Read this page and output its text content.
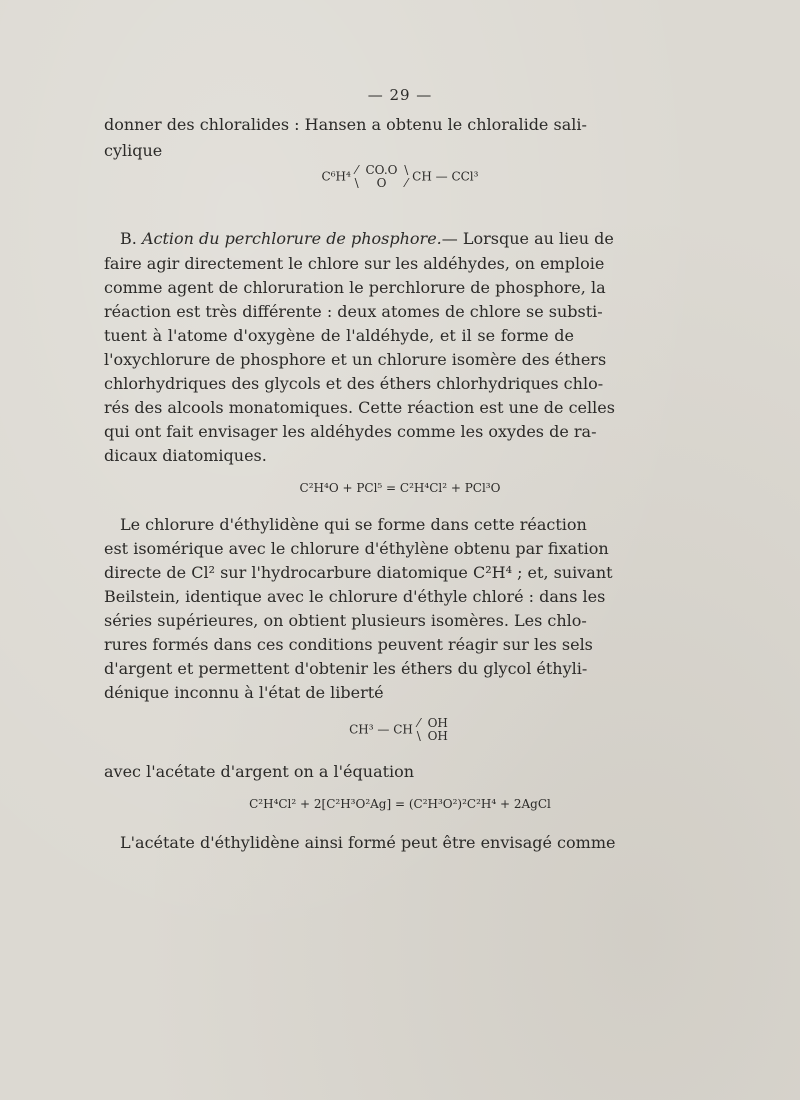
— 29 —
donner des chloralides : Hansen a obtenu le chloralide sali-
cylique
C⁶H⁴ ⁄
\

CO.O
O

\
⁄ CH — CCl³
B. Action du perchlorure de phosphore.— Lorsque au lieu de
faire agir directement le chlore sur les aldéhydes, on emploie
comme agent de chloruration le perchlorure de phosphore, la
réaction est très différente : deux atomes de chlore se substi-
tuent à l'atome d'oxygène de l'aldéhyde, et il se forme de
l'oxychlorure de phosphore et un chlorure isomère des éthers
chlorhydriques des glycols et des éthers chlorhydriques chlo-
rés des alcools monatomiques. Cette réaction est une de celles
qui ont fait envisager les aldéhydes comme les oxydes de ra-
dicaux diatomiques.
C²H⁴O + PCl⁵ = C²H⁴Cl² + PCl³O
Le chlorure d'éthylidène qui se forme dans cette réaction
est isomérique avec le chlorure d'éthylène obtenu par fixation
directe de Cl² sur l'hydrocarbure diatomique C²H⁴ ; et, suivant
Beilstein, identique avec le chlorure d'éthyle chloré : dans les
séries supérieures, on obtient plusieurs isomères. Les chlo-
rures formés dans ces conditions peuvent réagir sur les sels
d'argent et permettent d'obtenir les éthers du glycol éthyli-
dénique inconnu à l'état de liberté
CH³ — CH ⁄
\

OH
OH
avec l'acétate d'argent on a l'équation
C²H⁴Cl² + 2[C²H³O²Ag] = (C²H³O²)²C²H⁴ + 2AgCl
L'acétate d'éthylidène ainsi formé peut être envisagé comme
